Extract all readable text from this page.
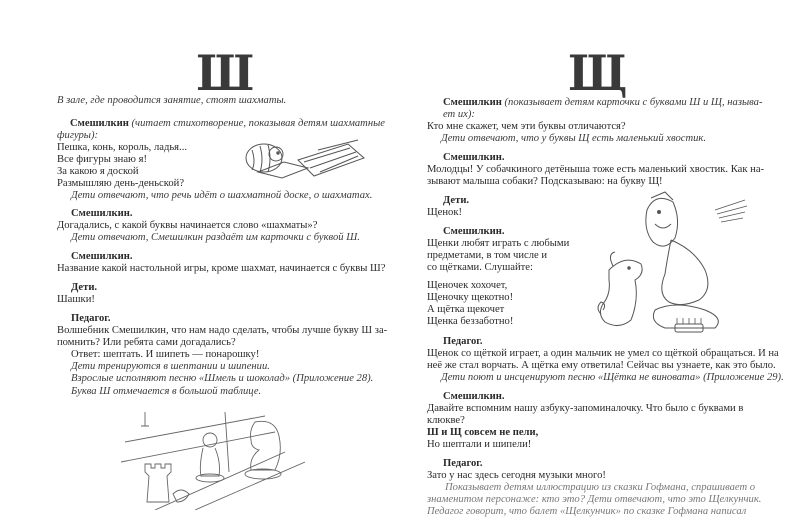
Ш
В зале, где проводится занятие, стоят шахматы.
Смешилкин (читает стихотворение, показывая детям шахматные
фигуры):
Пешка, конь, король, ладья...
Все фигуры знаю я!
За какою я доской
Размышляю день-деньской?
Дети отвечают, что речь идёт о шахматной доске, о шахматах.
Смешилкин.
Догадались, с какой буквы начинается слово «шахматы»?
Дети отвечают, Смешилкин раздаёт им карточки с буквой Ш.
Смешилкин.
Название какой настольной игры, кроме шахмат, начинается с буквы Ш?
Дети.
Шашки!
Педагог.
Волшебник Смешилкин, что нам надо сделать, чтобы лучше букву Ш за-
помнить? Или ребята сами догадались?
Ответ: шептать. И шипеть — понарошку!
Дети тренируются в шептании и шипении.
Взрослые исполняют песню «Шмель и шоколад» (Приложение 28).
Буква Ш отмечается в большой таблице.
Щ
Смешилкин (показывает детям карточки с буквами Ш и Щ, называ-
ет их):
Кто мне скажет, чем эти буквы отличаются?
Дети отвечают, что у буквы Щ есть маленький хвостик.
Смешилкин.
Молодцы! У собачкиного детёныша тоже есть маленький хвостик. Как на-
зывают малыша собаки? Подсказываю: на букву Щ!
Дети.
Щенок!
Смешилкин.
Щенки любят играть с любыми
предметами, в том числе и
со щётками. Слушайте:
Щеночек хохочет,
Щеночку щекотно!
А щётка щекочет
Щенка беззаботно!
Педагог.
Щенок со щёткой играет, а один мальчик не умел со щёткой обращаться. И на
неё же стал ворчать. А щётка ему ответила! Сейчас вы узнаете, как это было.
Дети поют и инсценируют песню «Щётка не виновата» (Приложение 29).
Смешилкин.
Давайте вспомним нашу азбуку-запоминалочку. Что было с буквами в
клюкве?
Ш и Щ совсем не пели,
Но шептали и шипели!
Педагог.
Зато у нас здесь сегодня музыки много!
Показывает детям иллюстрацию из сказки Гофмана, спрашивает о
знаменитом персонаже: кто это? Дети отвечают, что это Щелкунчик.
Педагог говорит, что балет «Щелкунчик» по сказке Гофмана написал
